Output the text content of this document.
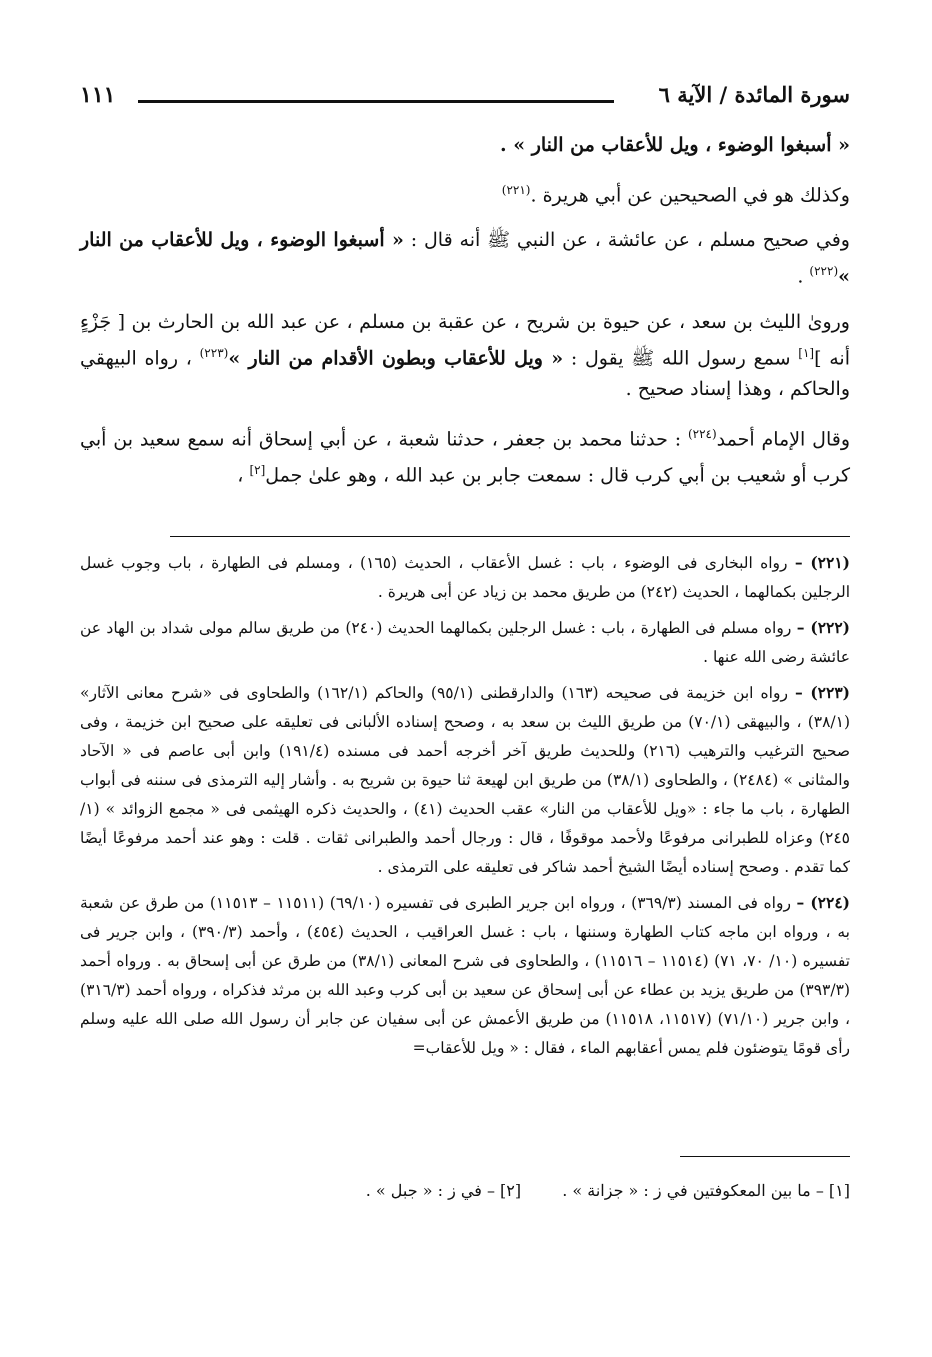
سورة المائدة / الآية ٦
١١١

« أسبغوا الوضوء ، ويل للأعقاب من النار » .

وكذلك هو في الصحيحين عن أبي هريرة .$^{(٢٢١)}$

وفي صحيح مسلم ، عن عائشة ، عن النبي ﷺ أنه قال : « أسبغوا الوضوء ، ويل للأعقاب من النار »$^{(٢٢٢)}$ .

وروىٰ الليث بن سعد ، عن حيوة بن شريح ، عن عقبة بن مسلم ، عن عبد الله بن الحارث بن [ جَزْءٍ أنه ][١] سمع رسول الله ﷺ يقول : « ويل للأعقاب وبطون الأقدام من النار »$^{(٢٢٣)}$ ، رواه البيهقي والحاكم ، وهذا إسناد صحيح .

وقال الإمام أحمد$^{(٢٢٤)}$ : حدثنا محمد بن جعفر ، حدثنا شعبة ، عن أبي إسحاق أنه سمع سعيد بن أبي كرب أو شعيب بن أبي كرب قال : سمعت جابر بن عبد الله ، وهو علىٰ جمل[٢] ،

(٢٢١) – رواه البخارى فى الوضوء ، باب : غسل الأعقاب ، الحديث (١٦٥) ، ومسلم فى الطهارة ، باب وجوب غسل الرجلين بكمالهما ، الحديث (٢٤٢) من طريق محمد بن زياد عن أبى هريرة .

(٢٢٢) – رواه مسلم فى الطهارة ، باب : غسل الرجلين بكمالهما الحديث (٢٤٠) من طريق سالم مولى شداد بن الهاد عن عائشة رضى الله عنها .

(٢٢٣) – رواه ابن خزيمة فى صحيحه (١٦٣) والدارقطنى (٩٥/١) والحاكم (١٦٢/١) والطحاوى فى «شرح معانى الآثار» (٣٨/١) ، والبيهقى (٧٠/١) من طريق الليث بن سعد به ، وصحح إسناده الألبانى فى تعليقه على صحيح ابن خزيمة ، وفى صحيح الترغيب والترهيب (٢١٦) وللحديث طريق آخر أخرجه أحمد فى مسنده (١٩١/٤) وابن أبى عاصم فى « الآحاد والمثانى » (٢٤٨٤) ، والطحاوى (٣٨/١) من طريق ابن لهيعة ثنا حيوة بن شريح به . وأشار إليه الترمذى فى سننه فى أبواب الطهارة ، باب ما جاء : «ويل للأعقاب من النار» عقب الحديث (٤١) ، والحديث ذكره الهيثمى فى « مجمع الزوائد » (١/ ٢٤٥) وعزاه للطبرانى مرفوعًا ولأحمد موقوفًا ، قال : ورجال أحمد والطبرانى ثقات . قلت : وهو عند أحمد مرفوعًا أيضًا كما تقدم . وصحح إسناده أيضًا الشيخ أحمد شاكر فى تعليقه على الترمذى .

(٢٢٤) – رواه فى المسند (٣٦٩/٣) ، ورواه ابن جرير الطبرى فى تفسيره (٦٩/١٠) (١١٥١١ – ١١٥١٣) من طرق عن شعبة به ، ورواه ابن ماجه كتاب الطهارة وسننها ، باب : غسل العراقيب ، الحديث (٤٥٤) ، وأحمد (٣٩٠/٣) ، وابن جرير فى تفسيره (١٠/ ٧٠، ٧١) (١١٥١٤ – ١١٥١٦) ، والطحاوى فى شرح المعانى (٣٨/١) من طرق عن أبى إسحاق به . ورواه أحمد (٣٩٣/٣) من طريق يزيد بن عطاء عن أبى إسحاق عن سعيد بن أبى كرب وعبد الله بن مرثد فذكراه ، ورواه أحمد (٣١٦/٣) ، وابن جرير (٧١/١٠) (١١٥١٧، ١١٥١٨) من طريق الأعمش عن أبى سفيان عن جابر أن رسول الله صلى الله عليه وسلم رأى قومًا يتوضئون فلم يمس أعقابهم الماء ، فقال : « ويل للأعقاب=

[١] – ما بين المعكوفتين في ز : « جزانة » . [٢] – في ز : « جبل » .
